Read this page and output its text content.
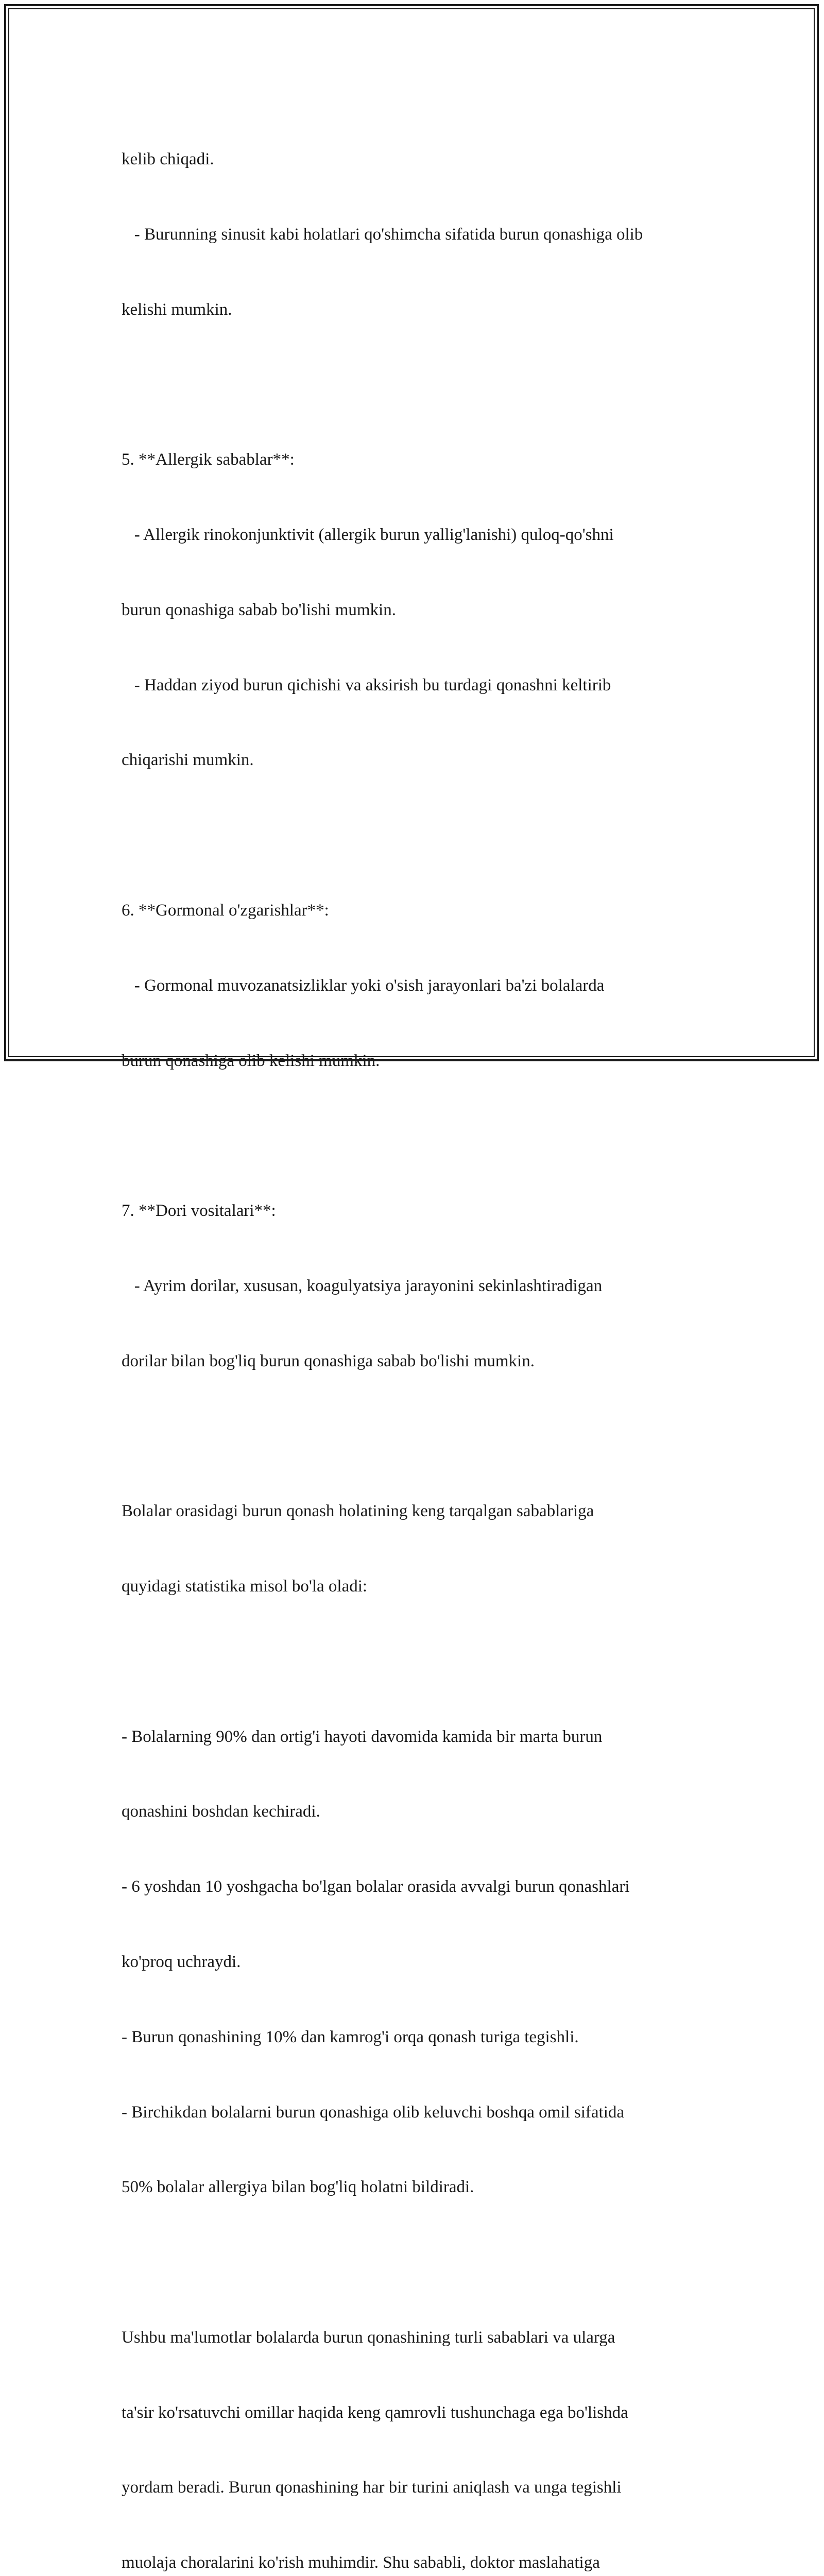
kelib chiqadi.

- Burunning sinusit kabi holatlari qo'shimcha sifatida burun qonashiga olib

kelishi mumkin.

5. **Allergik sabablar**:

- Allergik rinokonjunktivit (allergik burun yallig'lanishi) quloq-qo'shni

burun qonashiga sabab bo'lishi mumkin.

- Haddan ziyod burun qichishi va aksirish bu turdagi qonashni keltirib

chiqarishi mumkin.

6. **Gormonal o'zgarishlar**:

- Gormonal muvozanatsizliklar yoki o'sish jarayonlari ba'zi bolalarda

burun qonashiga olib kelishi mumkin.

7. **Dori vositalari**:

- Ayrim dorilar, xususan, koagulyatsiya jarayonini sekinlashtiradigan

dorilar bilan bog'liq burun qonashiga sabab bo'lishi mumkin.

Bolalar orasidagi burun qonash holatining keng tarqalgan sabablariga

quyidagi statistika misol bo'la oladi:

- Bolalarning 90% dan ortig'i hayoti davomida kamida bir marta burun

qonashini boshdan kechiradi.

- 6 yoshdan 10 yoshgacha bo'lgan bolalar orasida avvalgi burun qonashlari

ko'proq uchraydi.

- Burun qonashining 10% dan kamrog'i orqa qonash turiga tegishli.

- Birchikdan bolalarni burun qonashiga olib keluvchi boshqa omil sifatida

50% bolalar allergiya bilan bog'liq holatni bildiradi.

Ushbu ma'lumotlar bolalarda burun qonashining turli sabablari va ularga

ta'sir ko'rsatuvchi omillar haqida keng qamrovli tushunchaga ega bo'lishda

yordam beradi. Burun qonashining har bir turini aniqlash va unga tegishli

muolaja choralarini ko'rish muhimdir. Shu sababli, doktor maslahatiga
